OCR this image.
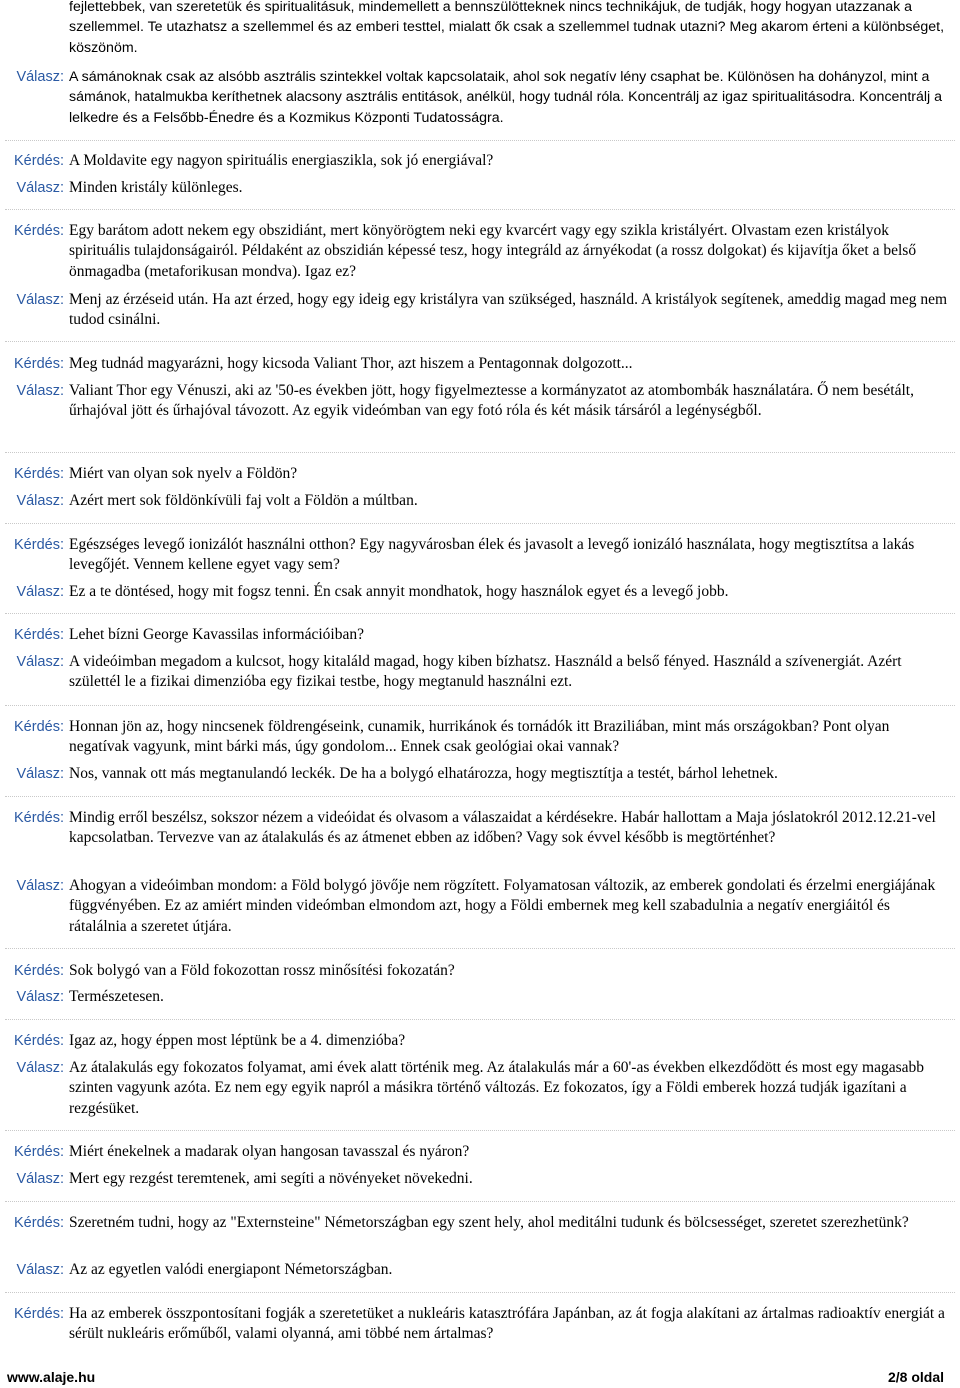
fejlettebbek, van szeretetük és spiritualitásuk, mindemellett a bennszülötteknek nincs technikájuk, de tudják, hogy hogyan utazzanak a szellemmel. Te utazhatsz a szellemmel és az emberi testtel, mialatt ők csak a szellemmel tudnak utazni? Meg akarom érteni a különbséget, köszönöm.
Válasz: A sámánoknak csak az alsóbb asztrális szintekkel voltak kapcsolataik, ahol sok negatív lény csaphat be. Különösen ha dohányzol, mint a sámánok, hatalmukba keríthetnek alacsony asztrális entitások, anélkül, hogy tudnál róla. Koncentrálj az igaz spiritualitásodra. Koncentrálj a lelkedre és a Felsőbb-Énedre és a Kozmikus Központi Tudatosságra.
Kérdés: A Moldavite egy nagyon spirituális energiaszikla, sok jó energiával?
Válasz: Minden kristály különleges.
Kérdés: Egy barátom adott nekem egy obszidiánt, mert könyörögtem neki egy kvarcért vagy egy szikla kristályért. Olvastam ezen kristályok spirituális tulajdonságairól. Példaként az obszidián képessé tesz, hogy integráld az árnyékodat (a rossz dolgokat) és kijavítja őket a belső önmagadba (metaforikusan mondva). Igaz ez?
Válasz: Menj az érzéseid után. Ha azt érzed, hogy egy ideig egy kristályra van szükséged, használd. A kristályok segítenek, ameddig magad meg nem tudod csinálni.
Kérdés: Meg tudnád magyarázni, hogy kicsoda Valiant Thor, azt hiszem a Pentagonnak dolgozott...
Válasz: Valiant Thor egy Vénuszi, aki az '50-es években jött, hogy figyelmeztesse a kormányzatot az atombombák használatára. Ő nem besétált, űrhajóval jött és űrhajóval távozott. Az egyik videómban van egy fotó róla és két másik társáról a legénységből.
Kérdés: Miért van olyan sok nyelv a Földön?
Válasz: Azért mert sok földönkívüli faj volt a Földön a múltban.
Kérdés: Egészséges levegő ionizálót használni otthon? Egy nagyvárosban élek és javasolt a levegő ionizáló használata, hogy megtisztítsa a lakás levegőjét. Vennem kellene egyet vagy sem?
Válasz: Ez a te döntésed, hogy mit fogsz tenni. Én csak annyit mondhatok, hogy használok egyet és a levegő jobb.
Kérdés: Lehet bízni George Kavassilas információiban?
Válasz: A videóimban megadom a kulcsot, hogy kitaláld magad, hogy kiben bízhatsz. Használd a belső fényed. Használd a szívenergiát. Azért születtél le a fizikai dimenzióba egy fizikai testbe, hogy megtanuld használni ezt.
Kérdés: Honnan jön az, hogy nincsenek földrengéseink, cunamik, hurrikánok és tornádók itt Braziliában, mint más országokban? Pont olyan negatívak vagyunk, mint bárki más, úgy gondolom... Ennek csak geológiai okai vannak?
Válasz: Nos, vannak ott más megtanulandó leckék. De ha a bolygó elhatározza, hogy megtisztítja a testét, bárhol lehetnek.
Kérdés: Mindig erről beszélsz, sokszor nézem a videóidat és olvasom a válaszaidat a kérdésekre. Habár hallottam a Maja jóslatokról 2012.12.21-vel kapcsolatban. Tervezve van az átalakulás és az átmenet ebben az időben? Vagy sok évvel később is megtörténhet?
Válasz: Ahogyan a videóimban mondom: a Föld bolygó jövője nem rögzített. Folyamatosan változik, az emberek gondolati és érzelmi energiájának függvényében. Ez az amiért minden videómban elmondom azt, hogy a Földi embernek meg kell szabadulnia a negatív energiáitól és rátalálnia a szeretet útjára.
Kérdés: Sok bolygó van a Föld fokozottan rossz minősítési fokozatán?
Válasz: Természetesen.
Kérdés: Igaz az, hogy éppen most léptünk be a 4. dimenzióba?
Válasz: Az átalakulás egy fokozatos folyamat, ami évek alatt történik meg. Az átalakulás már a 60'-as években elkezdődött és most egy magasabb szinten vagyunk azóta. Ez nem egy egyik napról a másikra történő változás. Ez fokozatos, így a Földi emberek hozzá tudják igazítani a rezgésüket.
Kérdés: Miért énekelnek a madarak olyan hangosan tavasszal és nyáron?
Válasz: Mert egy rezgést teremtenek, ami segíti a növényeket növekedni.
Kérdés: Szeretném tudni, hogy az "Externsteine" Németországban egy szent hely, ahol meditálni tudunk és bölcsességet, szeretet szerezhetünk?
Válasz: Az az egyetlen valódi energiapont Németországban.
Kérdés: Ha az emberek összpontosítani fogják a szeretetüket a nukleáris katasztrófára Japánban, az át fogja alakítani az ártalmas radioaktív energiát a sérült nukleáris erőműből, valami olyanná, ami többé nem ártalmas?
www.alaje.hu	2/8 oldal
